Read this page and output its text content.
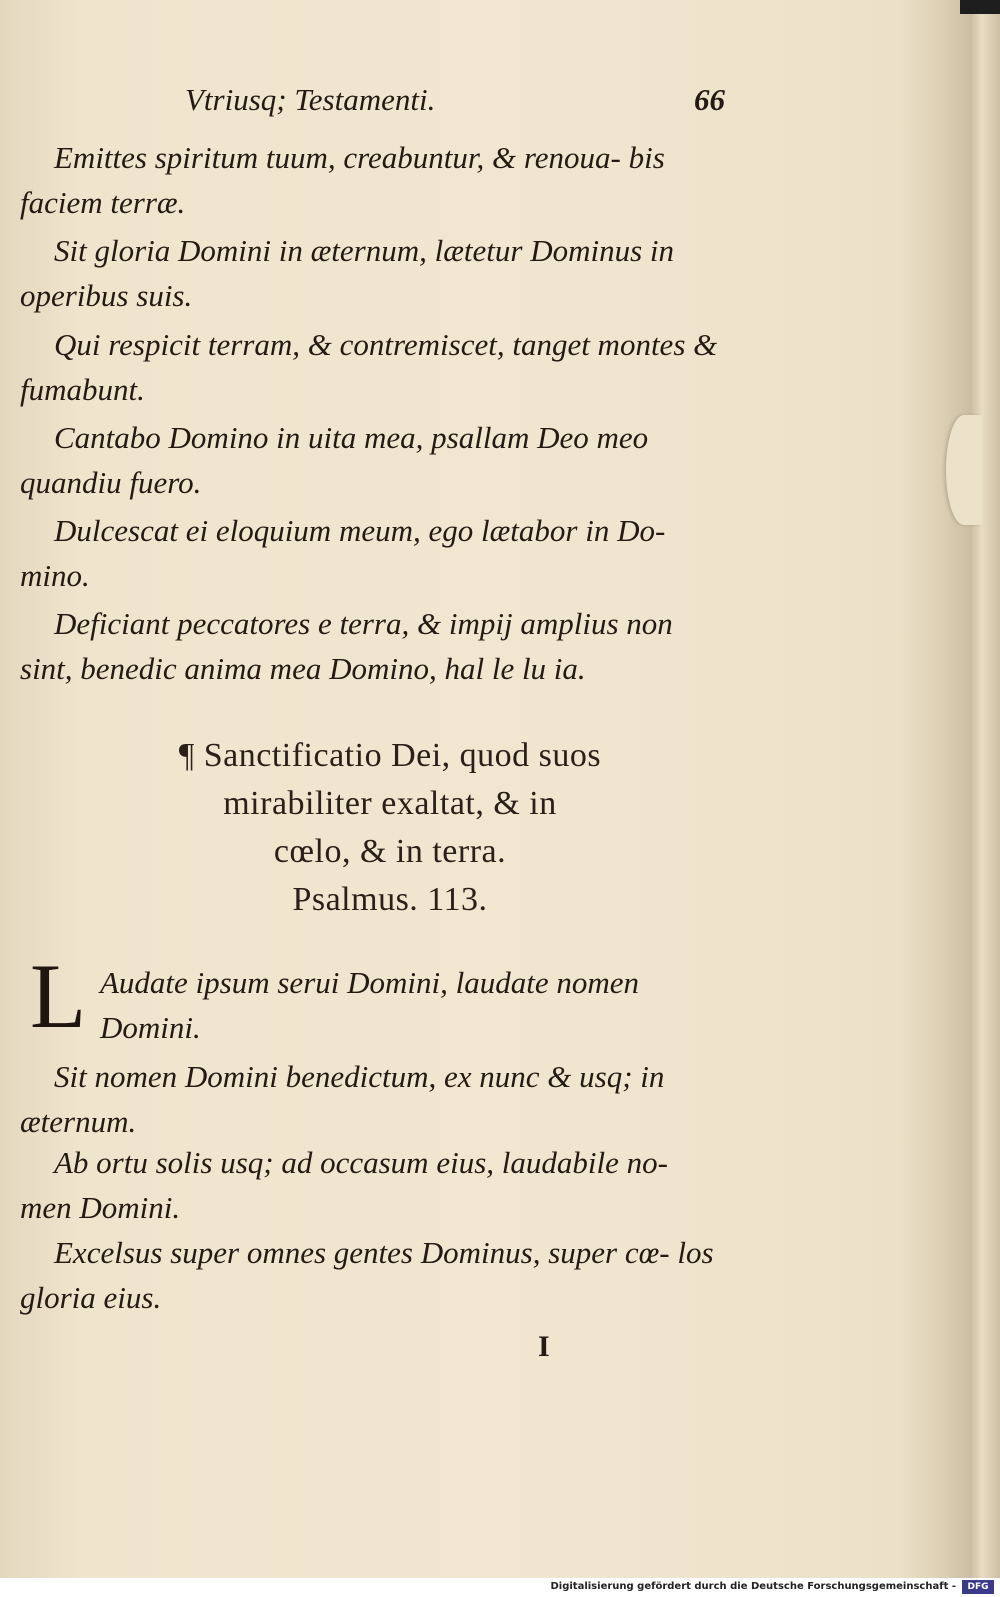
Vtriusq; Testamenti.	66
Emittes spiritum tuum, creabuntur, & renoua- bis faciem terræ.
Sit gloria Domini in æternum, lætetur Dominus in operibus suis.
Qui respicit terram, & contremiscet, tanget montes & fumabunt.
Cantabo Domino in uita mea, psallam Deo meo quandiu fuero.
Dulcescat ei eloquium meum, ego lætabor in Do- mino.
Deficiant peccatores e terra, & impij amplius non sint, benedic anima mea Domino, hal le lu ia.
¶ Sanctificatio Dei, quod suos
mirabiliter exaltat, & in
cœlo, & in terra.
Psalmus. 113.
L Audate ipsum serui Domini, laudate nomen Domini.
Sit nomen Domini benedictum, ex nunc & usq; in æternum.
Ab ortu solis usq; ad occasum eius, laudabile no- men Domini.
Excelsus super omnes gentes Dominus, super cœ- los gloria eius.
I
Digitalisierung gefördert durch die Deutsche Forschungsgemeinschaft -	DFG
